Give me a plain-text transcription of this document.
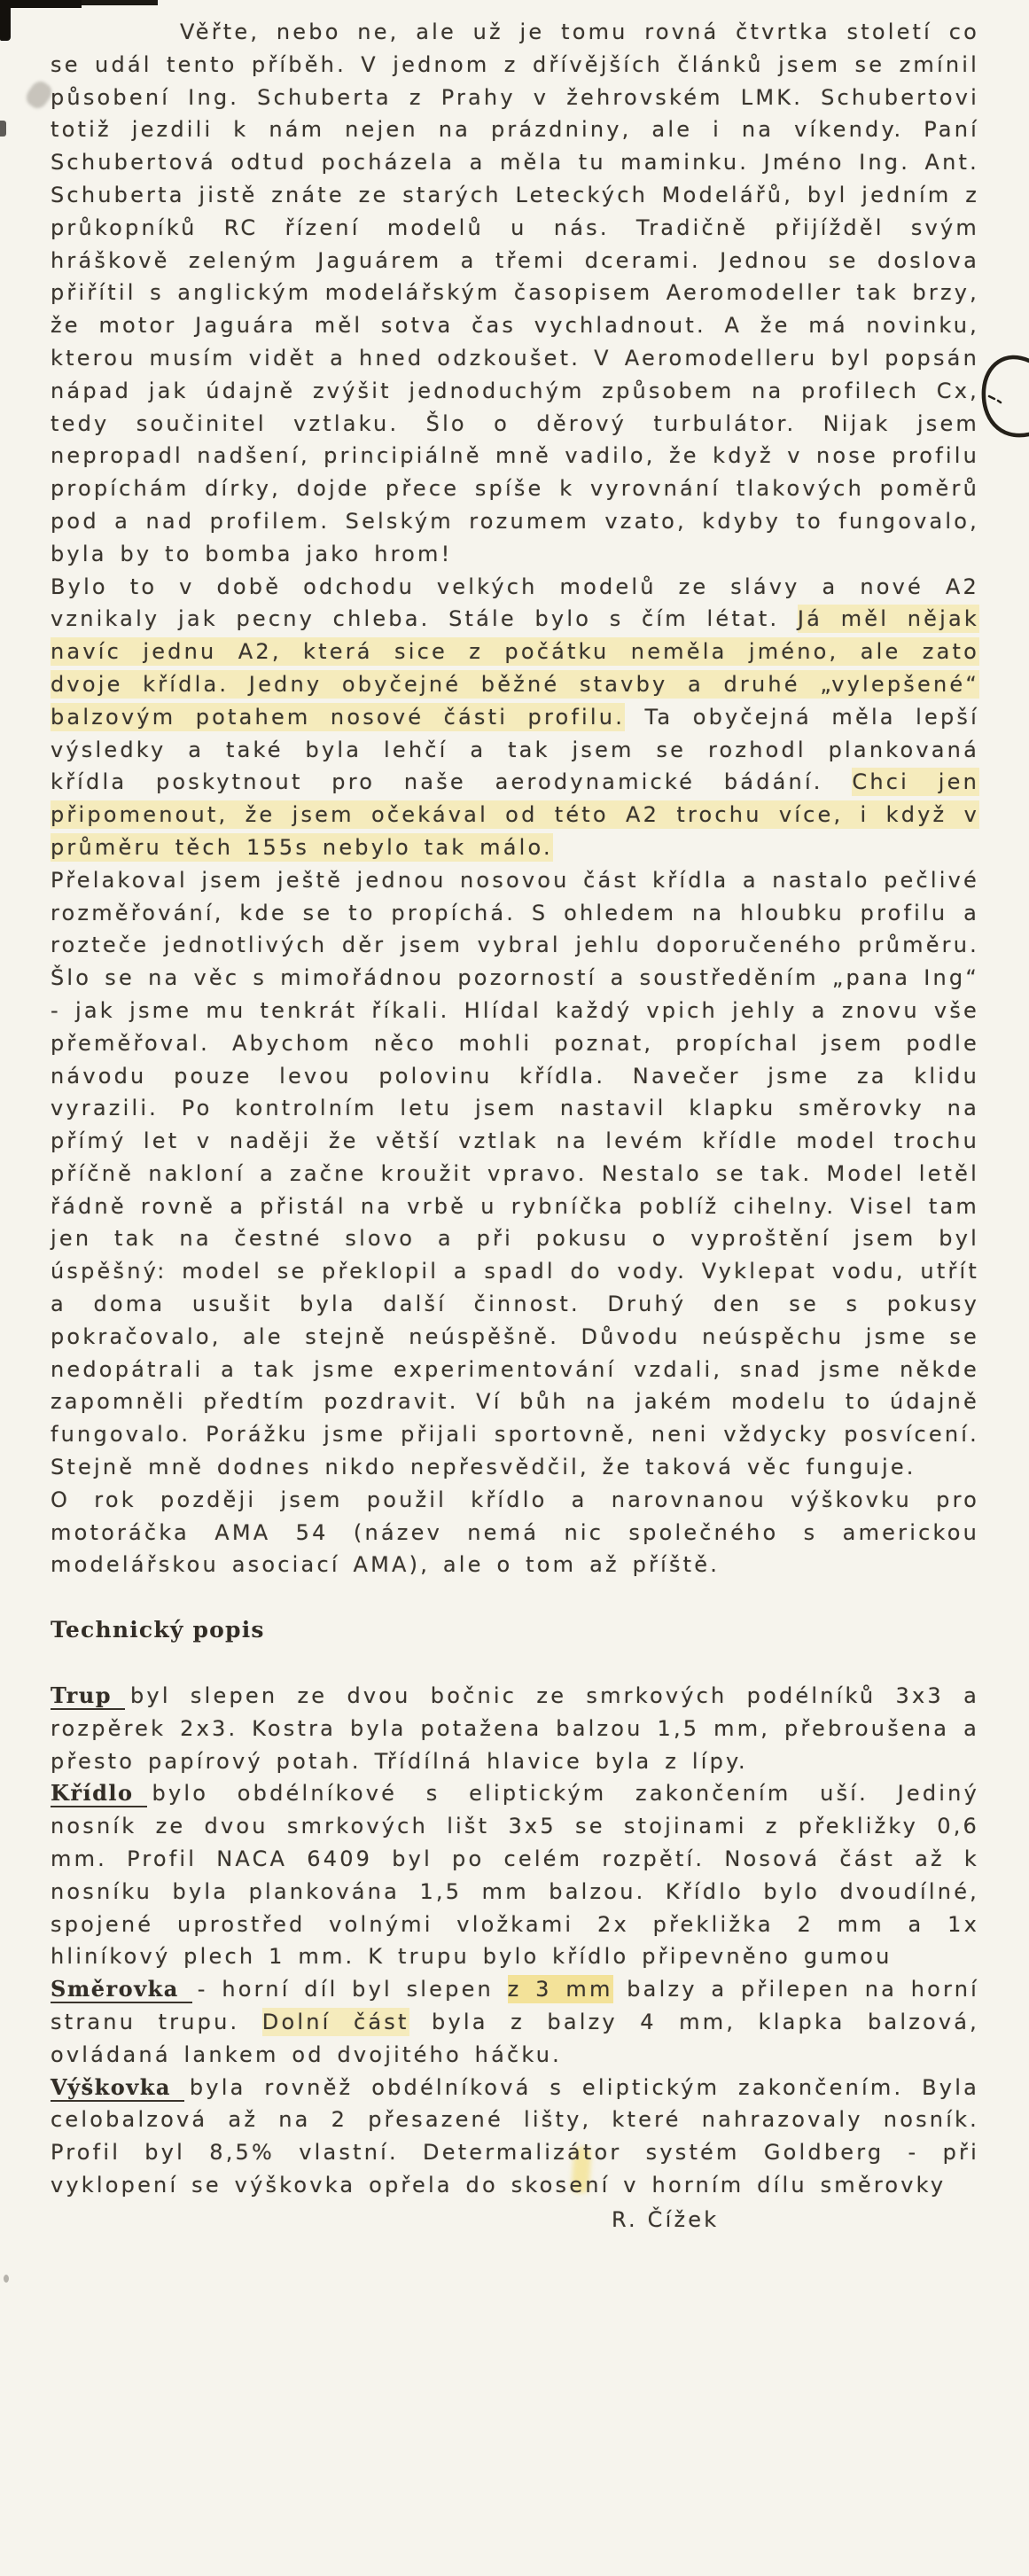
Věřte, nebo ne, ale už je tomu rovná čtvrtka století co se udál tento příběh. V jednom z dřívějších článků jsem se zmínil působení Ing. Schuberta z Prahy v žehrovském LMK. Schubertovi totiž jezdili k nám nejen na prázdniny, ale i na víkendy. Paní Schubertová odtud pocházela a měla tu maminku. Jméno Ing. Ant. Schuberta jistě znáte ze starých Leteckých Modelářů, byl jedním z průkopníků RC řízení modelů u nás. Tradičně přijížděl svým hráškově zeleným Jaguárem a třemi dcerami. Jednou se doslova přiřítil s anglickým modelářským časopisem Aeromodeller tak brzy, že motor Jaguára měl sotva čas vychladnout. A že má novinku, kterou musím vidět a hned odzkoušet. V Aeromodelleru byl popsán nápad jak údajně zvýšit jednoduchým způsobem na profilech Cx, tedy součinitel vztlaku. Šlo o děrový turbulátor. Nijak jsem nepropadl nadšení, principiálně mně vadilo, že když v nose profilu propíchám dírky, dojde přece spíše k vyrovnání tlakových poměrů pod a nad profilem. Selským rozumem vzato, kdyby to fungovalo, byla by to bomba jako hrom!

Bylo to v době odchodu velkých modelů ze slávy a nové A2 vznikaly jak pecny chleba. Stále bylo s čím létat. Já měl nějak navíc jednu A2, která sice z počátku neměla jméno, ale zato dvoje křídla. Jedny obyčejné běžné stavby a druhé „vylepšené“ balzovým potahem nosové části profilu. Ta obyčejná měla lepší výsledky a také byla lehčí a tak jsem se rozhodl plankovaná křídla poskytnout pro naše aerodynamické bádání. Chci jen připomenout, že jsem očekával od této A2 trochu více, i když v průměru těch 155s nebylo tak málo.

Přelakoval jsem ještě jednou nosovou část křídla a nastalo pečlivé rozměřování, kde se to propíchá. S ohledem na hloubku profilu a rozteče jednotlivých děr jsem vybral jehlu doporučeného průměru. Šlo se na věc s mimořádnou pozorností a soustředěním „pana Ing“ - jak jsme mu tenkrát říkali. Hlídal každý vpich jehly a znovu vše přeměřoval. Abychom něco mohli poznat, propíchal jsem podle návodu pouze levou polovinu křídla. Navečer jsme za klidu vyrazili. Po kontrolním letu jsem nastavil klapku směrovky na přímý let v naději že větší vztlak na levém křídle model trochu příčně nakloní a začne kroužit vpravo. Nestalo se tak. Model letěl řádně rovně a přistál na vrbě u rybníčka poblíž cihelny. Visel tam jen tak na čestné slovo a při pokusu o vyproštění jsem byl úspěšný: model se překlopil a spadl do vody. Vyklepat vodu, utřít a doma usušit byla další činnost. Druhý den se s pokusy pokračovalo, ale stejně neúspěšně. Důvodu neúspěchu jsme se nedopátrali a tak jsme experimentování vzdali, snad jsme někde zapomněli předtím pozdravit. Ví bůh na jakém modelu to údajně fungovalo. Porážku jsme přijali sportovně, neni vždycky posvícení. Stejně mně dodnes nikdo nepřesvědčil, že taková věc funguje.

O rok později jsem použil křídlo a narovnanou výškovku pro motoráčka AMA 54 (název nemá nic společného s americkou modelářskou asociací AMA), ale o tom až příště.

Technický popis

Trup byl slepen ze dvou bočnic ze smrkových podélníků 3x3 a rozpěrek 2x3. Kostra byla potažena balzou 1,5 mm, přebroušena a přesto papírový potah. Třídílná hlavice byla z lípy.

Křídlo bylo obdélníkové s eliptickým zakončením uší. Jediný nosník ze dvou smrkových lišt 3x5 se stojinami z překližky 0,6 mm. Profil NACA 6409 byl po celém rozpětí. Nosová část až k nosníku byla plankována 1,5 mm balzou. Křídlo bylo dvoudílné, spojené uprostřed volnými vložkami 2x překližka 2 mm a 1x hliníkový plech 1 mm. K trupu bylo křídlo připevněno gumou

Směrovka - horní díl byl slepen z 3 mm balzy a přilepen na horní stranu trupu. Dolní část byla z balzy 4 mm, klapka balzová, ovládaná lankem od dvojitého háčku.

Výškovka byla rovněž obdélníková s eliptickým zakončením. Byla celobalzová až na 2 přesazené lišty, které nahrazovaly nosník. Profil byl 8,5% vlastní. Determalizátor systém Goldberg - při vyklopení se výškovka opřela do skosení v horním dílu směrovky

R. Čížek
